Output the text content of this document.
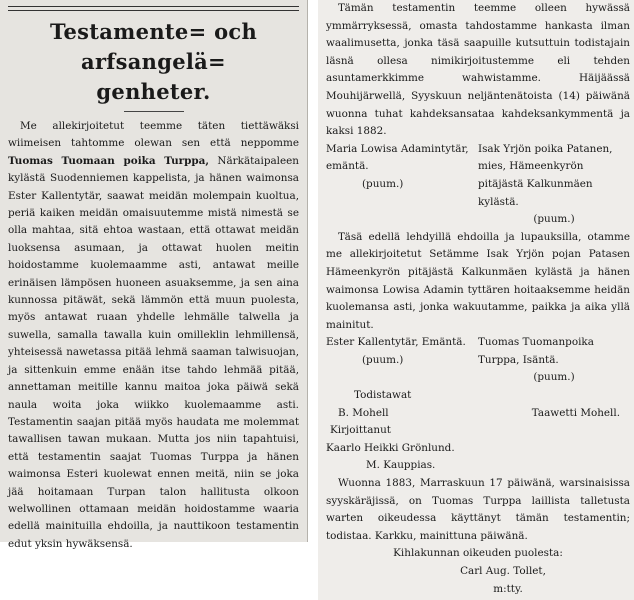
Testamente= och arfsangelä=
genheter.

Me allekirjoitetut teemme täten tiettäwäksi wiimeisen tahtomme olewan sen että neppomme Tuomas Tuomaan poika Turppa, Närkätaipaleen kylästä Suodenniemen kappelista, ja hänen waimonsa Ester Kallentytär, saawat meidän molempain kuoltua, periä kaiken meidän omaisuutemme mistä nimestä se olla mahtaa, sitä ehtoa wastaan, että ottawat meidän luoksensa asumaan, ja ottawat huolen meitin hoidostamme kuolemaamme asti, antawat meille erinäisen lämpösen huoneen asuaksemme, ja sen aina kunnossa pitäwät, sekä lämmön että muun puolesta, myös antawat ruaan yhdelle lehmälle talwella ja suwella, samalla tawalla kuin omilleklin lehmillensä, yhteisessä nawetassa pitää lehmä saaman talwisuojan, ja sittenkuin emme enään itse tahdo lehmää pitää, annettaman meitille kannu maitoa joka päiwä sekä naula woita joka wiikko kuolemaamme asti. Testamentin saajan pitää myös haudata me molemmat tawallisen tawan mukaan. Mutta jos niin tapahtuisi, että testamentin saajat Tuomas Turppa ja hänen waimonsa Esteri kuolewat ennen meitä, niin se joka jää hoitamaan Turpan talon hallitusta olkoon welwollinen ottamaan meidän hoidostamme waaria edellä mainituilla ehdoilla, ja nauttikoon testamentin edut yksin hywäksensä.

Tämän testamentin teemme olleen hywässä ymmärryksessä, omasta tahdostamme hankasta ilman waalimusetta, jonka täsä saapuille kutsuttuin todistajain läsnä ollesa nimikirjoitustemme eli tehden asuntamerkkimme wahwistamme. Häijäässä Mouhijärwellä, Syyskuun neljäntenätoista (14) päiwänä wuonna tuhat kahdeksansataa kahdeksankymmentä ja kaksi 1882.

Maria Lowisa Adamintytär, emäntä.
(puum.)
Isak Yrjön poika Patanen, mies, Hämeenkyrön pitäjästä Kalkunmäen kylästä.
(puum.)

Täsä edellä lehdyillä ehdoilla ja lupauksilla, otamme me allekirjoitetut Setämme Isak Yrjön pojan Patasen Hämeenkyrön pitäjästä Kalkunmäen kylästä ja hänen waimonsa Lowisa Adamin tyttären hoitaaksemme heidän kuolemansa asti, jonka wakuutamme, paikka ja aika yllä mainitut.

Ester Kallentytär, Emäntä.
(puum.)
Tuomas Tuomanpoika Turppa, Isäntä.
(puum.)
Todistawat
B. Mohell	Taawetti Mohell.
Kirjoittanut
Kaarlo Heikki Grönlund.
M. Kauppias.

Wuonna 1883, Marraskuun 17 päiwänä, warsinaisissa syyskäräjissä, on Tuomas Turppa laillista talletusta warten oikeudessa käyttänyt tämän testamentin; todistaa. Karkku, mainittuna päiwänä.

Kihlakunnan oikeuden puolesta:

Carl Aug. Tollet,

m:tty.
